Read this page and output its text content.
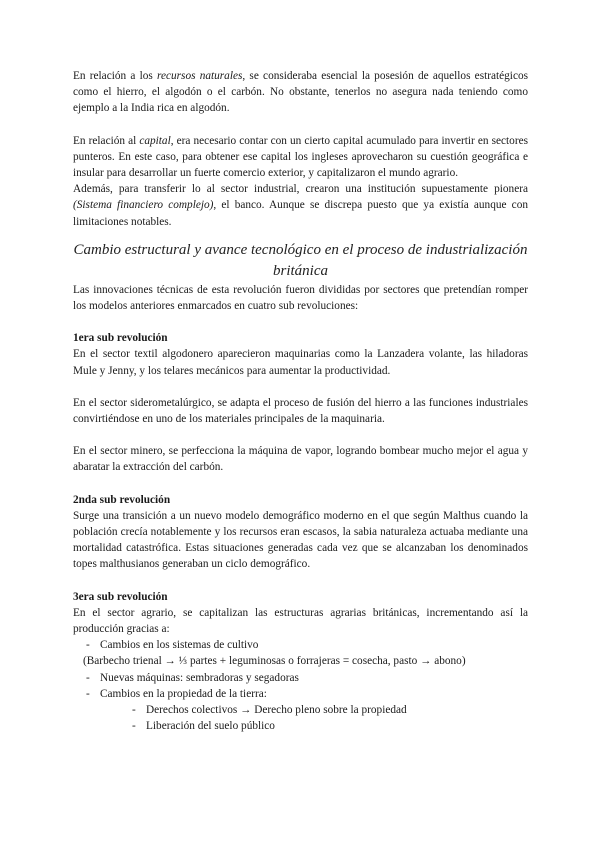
En relación a los recursos naturales, se consideraba esencial la posesión de aquellos estratégicos como el hierro, el algodón o el carbón. No obstante, tenerlos no asegura nada teniendo como ejemplo a la India rica en algodón.

En relación al capital, era necesario contar con un cierto capital acumulado para invertir en sectores punteros. En este caso, para obtener ese capital los ingleses aprovecharon su cuestión geográfica e insular para desarrollar un fuerte comercio exterior, y capitalizaron el mundo agrario.

Además, para transferir lo al sector industrial, crearon una institución supuestamente pionera (Sistema financiero complejo), el banco. Aunque se discrepa puesto que ya existía aunque con limitaciones notables.

Cambio estructural y avance tecnológico en el proceso de industrialización británica

Las innovaciones técnicas de esta revolución fueron divididas por sectores que pretendían romper los modelos anteriores enmarcados en cuatro sub revoluciones:

1era sub revolución

En el sector textil algodonero aparecieron maquinarias como la Lanzadera volante, las hiladoras Mule y Jenny, y los telares mecánicos para aumentar la productividad.

En el sector siderometalúrgico, se adapta el proceso de fusión del hierro a las funciones industriales convirtiéndose en uno de los materiales principales de la maquinaria.

En el sector minero, se perfecciona la máquina de vapor, logrando bombear mucho mejor el agua y abaratar la extracción del carbón.

2nda sub revolución

Surge una transición a un nuevo modelo demográfico moderno en el que según Malthus cuando la población crecía notablemente y los recursos eran escasos, la sabia naturaleza actuaba mediante una mortalidad catastrófica. Estas situaciones generadas cada vez que se alcanzaban los denominados topes malthusianos generaban un ciclo demográfico.

3era sub revolución

En el sector agrario, se capitalizan las estructuras agrarias británicas, incrementando así la producción gracias a:

- Cambios en los sistemas de cultivo
(Barbecho trienal → ⅓ partes + leguminosas o forrajeras = cosecha, pasto → abono)
- Nuevas máquinas: sembradoras y segadoras
- Cambios en la propiedad de la tierra:
- Derechos colectivos → Derecho pleno sobre la propiedad
- Liberación del suelo público
